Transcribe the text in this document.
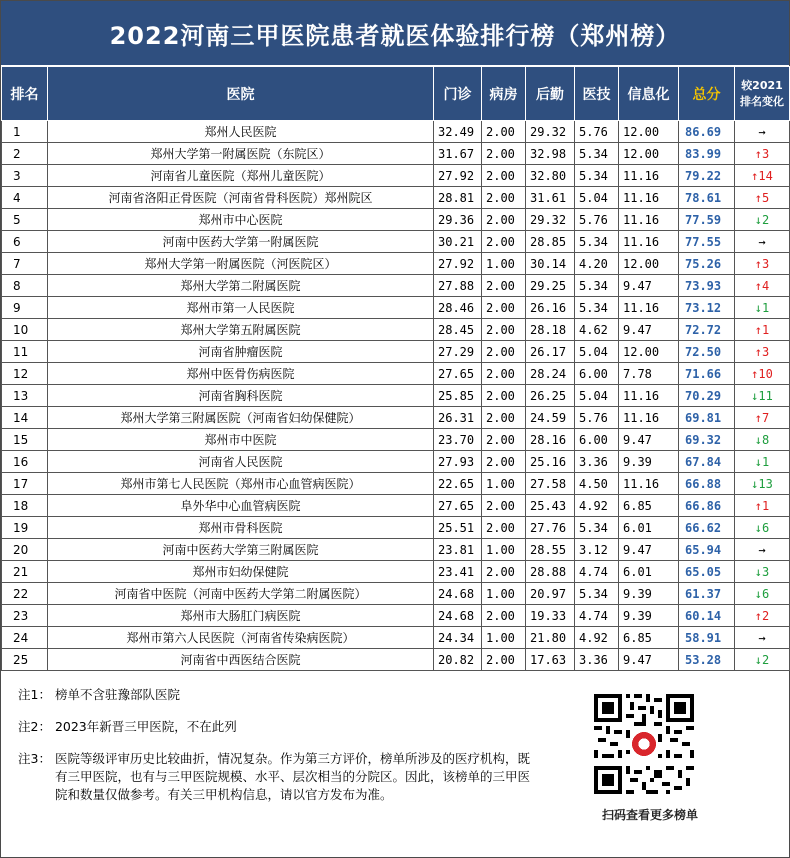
2022河南三甲医院患者就医体验排行榜（郑州榜）
排名	医院	门诊	病房	后勤	医技	信息化	总分	较2021
排名变化

1	郑州人民医院	32.49	2.00	29.32	5.76	12.00	86.69	→
2	郑州大学第一附属医院（东院区）	31.67	2.00	32.98	5.34	12.00	83.99	↑3
3	河南省儿童医院（郑州儿童医院）	27.92	2.00	32.80	5.34	11.16	79.22	↑14
4	河南省洛阳正骨医院（河南省骨科医院）郑州院区	28.81	2.00	31.61	5.04	11.16	78.61	↑5
5	郑州市中心医院	29.36	2.00	29.32	5.76	11.16	77.59	↓2
6	河南中医药大学第一附属医院	30.21	2.00	28.85	5.34	11.16	77.55	→
7	郑州大学第一附属医院（河医院区）	27.92	1.00	30.14	4.20	12.00	75.26	↑3
8	郑州大学第二附属医院	27.88	2.00	29.25	5.34	9.47	73.93	↑4
9	郑州市第一人民医院	28.46	2.00	26.16	5.34	11.16	73.12	↓1
10	郑州大学第五附属医院	28.45	2.00	28.18	4.62	9.47	72.72	↑1
11	河南省肿瘤医院	27.29	2.00	26.17	5.04	12.00	72.50	↑3
12	郑州中医骨伤病医院	27.65	2.00	28.24	6.00	7.78	71.66	↑10
13	河南省胸科医院	25.85	2.00	26.25	5.04	11.16	70.29	↓11
14	郑州大学第三附属医院（河南省妇幼保健院）	26.31	2.00	24.59	5.76	11.16	69.81	↑7
15	郑州市中医院	23.70	2.00	28.16	6.00	9.47	69.32	↓8
16	河南省人民医院	27.93	2.00	25.16	3.36	9.39	67.84	↓1
17	郑州市第七人民医院（郑州市心血管病医院）	22.65	1.00	27.58	4.50	11.16	66.88	↓13
18	阜外华中心血管病医院	27.65	2.00	25.43	4.92	6.85	66.86	↑1
19	郑州市骨科医院	25.51	2.00	27.76	5.34	6.01	66.62	↓6
20	河南中医药大学第三附属医院	23.81	1.00	28.55	3.12	9.47	65.94	→
21	郑州市妇幼保健院	23.41	2.00	28.88	4.74	6.01	65.05	↓3
22	河南省中医院（河南中医药大学第二附属医院）	24.68	1.00	20.97	5.34	9.39	61.37	↓6
23	郑州市大肠肛门病医院	24.68	2.00	19.33	4.74	9.39	60.14	↑2
24	郑州市第六人民医院（河南省传染病医院）	24.34	1.00	21.80	4.92	6.85	58.91	→
25	河南省中西医结合医院	20.82	2.00	17.63	3.36	9.47	53.28	↓2
注1： 榜单不含驻豫部队医院
注2： 2023年新晋三甲医院，不在此列
注3： 医院等级评审历史比较曲折，情况复杂。作为第三方评价，榜单所涉及的医疗机构，既有三甲医院，也有与三甲医院规模、水平、层次相当的分院区。因此，该榜单的三甲医院和数量仅做参考。有关三甲机构信息，请以官方发布为准。
扫码查看更多榜单
